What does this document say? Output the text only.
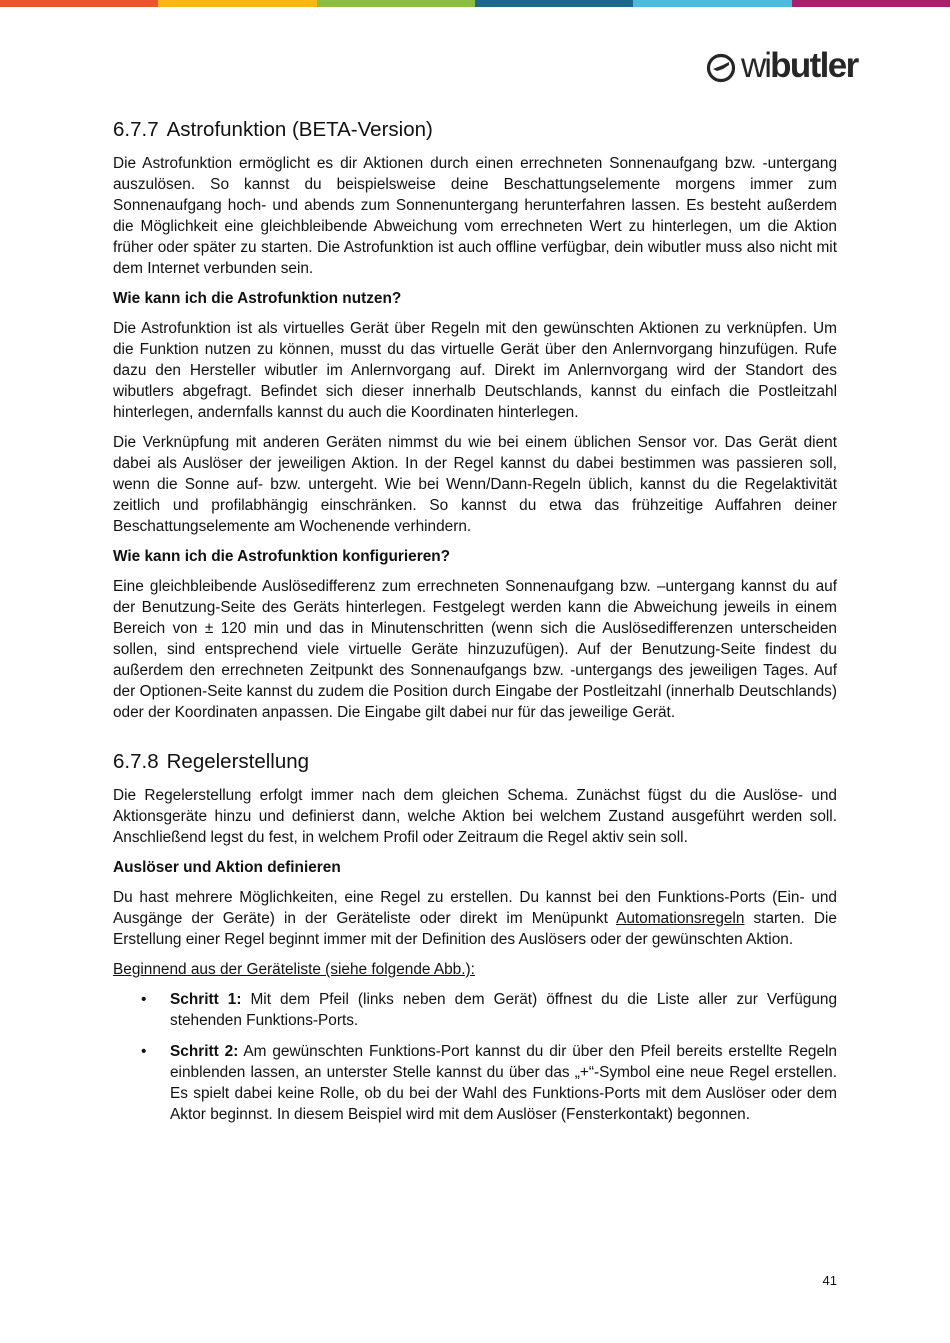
wibutler
6.7.7 Astrofunktion (BETA-Version)

Die Astrofunktion ermöglicht es dir Aktionen durch einen errechneten Sonnenaufgang bzw. -untergang auszulösen. So kannst du beispielsweise deine Beschattungselemente morgens immer zum Sonnenaufgang hoch- und abends zum Sonnenuntergang herunterfahren lassen. Es besteht außerdem die Möglichkeit eine gleichbleibende Abweichung vom errechneten Wert zu hinterlegen, um die Aktion früher oder später zu starten. Die Astrofunktion ist auch offline verfügbar, dein wibutler muss also nicht mit dem Internet verbunden sein.

Wie kann ich die Astrofunktion nutzen?

Die Astrofunktion ist als virtuelles Gerät über Regeln mit den gewünschten Aktionen zu verknüpfen. Um die Funktion nutzen zu können, musst du das virtuelle Gerät über den Anlernvorgang hinzufügen. Rufe dazu den Hersteller wibutler im Anlernvorgang auf. Direkt im Anlernvorgang wird der Standort des wibutlers abgefragt. Befindet sich dieser innerhalb Deutschlands, kannst du einfach die Postleitzahl hinterlegen, andernfalls kannst du auch die Koordinaten hinterlegen.

Die Verknüpfung mit anderen Geräten nimmst du wie bei einem üblichen Sensor vor. Das Gerät dient dabei als Auslöser der jeweiligen Aktion. In der Regel kannst du dabei bestimmen was passieren soll, wenn die Sonne auf- bzw. untergeht. Wie bei Wenn/Dann-Regeln üblich, kannst du die Regelaktivität zeitlich und profilabhängig einschränken. So kannst du etwa das frühzeitige Auffahren deiner Beschattungselemente am Wochenende verhindern.

Wie kann ich die Astrofunktion konfigurieren?

Eine gleichbleibende Auslösedifferenz zum errechneten Sonnenaufgang bzw. –untergang kannst du auf der Benutzung-Seite des Geräts hinterlegen. Festgelegt werden kann die Abweichung jeweils in einem Bereich von ± 120 min und das in Minutenschritten (wenn sich die Auslösedifferenzen unterscheiden sollen, sind entsprechend viele virtuelle Geräte hinzuzufügen). Auf der Benutzung-Seite findest du außerdem den errechneten Zeitpunkt des Sonnenaufgangs bzw. -untergangs des jeweiligen Tages. Auf der Optionen-Seite kannst du zudem die Position durch Eingabe der Postleitzahl (innerhalb Deutschlands) oder der Koordinaten anpassen. Die Eingabe gilt dabei nur für das jeweilige Gerät.

6.7.8 Regelerstellung

Die Regelerstellung erfolgt immer nach dem gleichen Schema. Zunächst fügst du die Auslöse- und Aktionsgeräte hinzu und definierst dann, welche Aktion bei welchem Zustand ausgeführt werden soll. Anschließend legst du fest, in welchem Profil oder Zeitraum die Regel aktiv sein soll.

Auslöser und Aktion definieren

Du hast mehrere Möglichkeiten, eine Regel zu erstellen. Du kannst bei den Funktions-Ports (Ein- und Ausgänge der Geräte) in der Geräteliste oder direkt im Menüpunkt Automationsregeln starten. Die Erstellung einer Regel beginnt immer mit der Definition des Auslösers oder der gewünschten Aktion.

Beginnend aus der Geräteliste (siehe folgende Abb.):

• Schritt 1: Mit dem Pfeil (links neben dem Gerät) öffnest du die Liste aller zur Verfügung stehenden Funktions-Ports.
• Schritt 2: Am gewünschten Funktions-Port kannst du dir über den Pfeil bereits erstellte Regeln einblenden lassen, an unterster Stelle kannst du über das „+“-Symbol eine neue Regel erstellen. Es spielt dabei keine Rolle, ob du bei der Wahl des Funktions-Ports mit dem Auslöser oder dem Aktor beginnst. In diesem Beispiel wird mit dem Auslöser (Fensterkontakt) begonnen.
41
